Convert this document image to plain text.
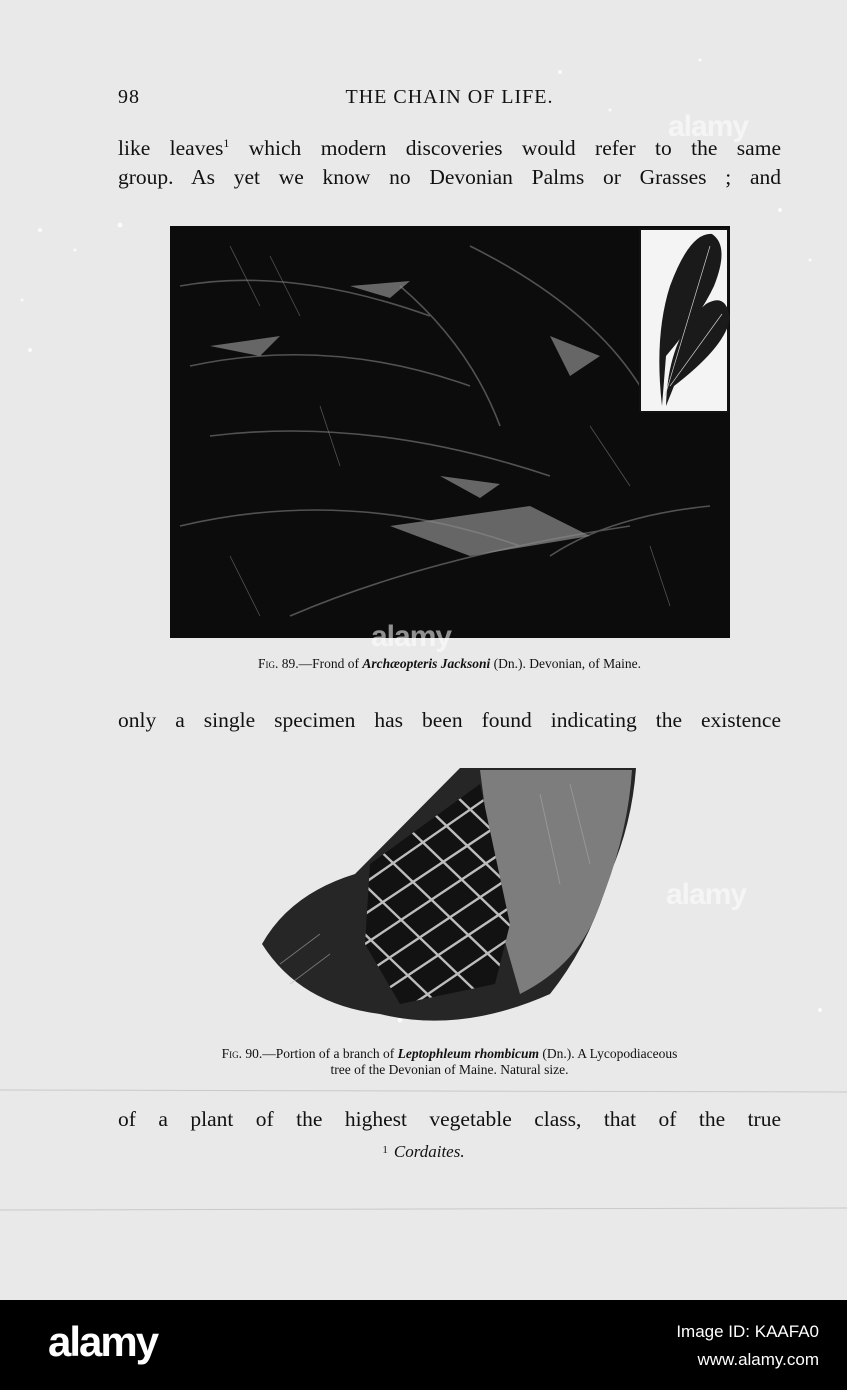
98	THE CHAIN OF LIFE.
like leaves$^1$ which modern discoveries would refer to the same
group. As yet we know no Devonian Palms or Grasses ; and
Fig. 89.—Frond of Archæopteris Jacksoni (Dn.). Devonian, of Maine.
only a single specimen has been found indicating the existence
Fig. 90.—Portion of a branch of Leptophleum rhombicum (Dn.). A Lycopodiaceous
tree of the Devonian of Maine. Natural size.
of a plant of the highest vegetable class, that of the true
$^1$ Cordaites.
alamy
alamy
alamy
alamy	Image ID: KAAFA0
www.alamy.com
